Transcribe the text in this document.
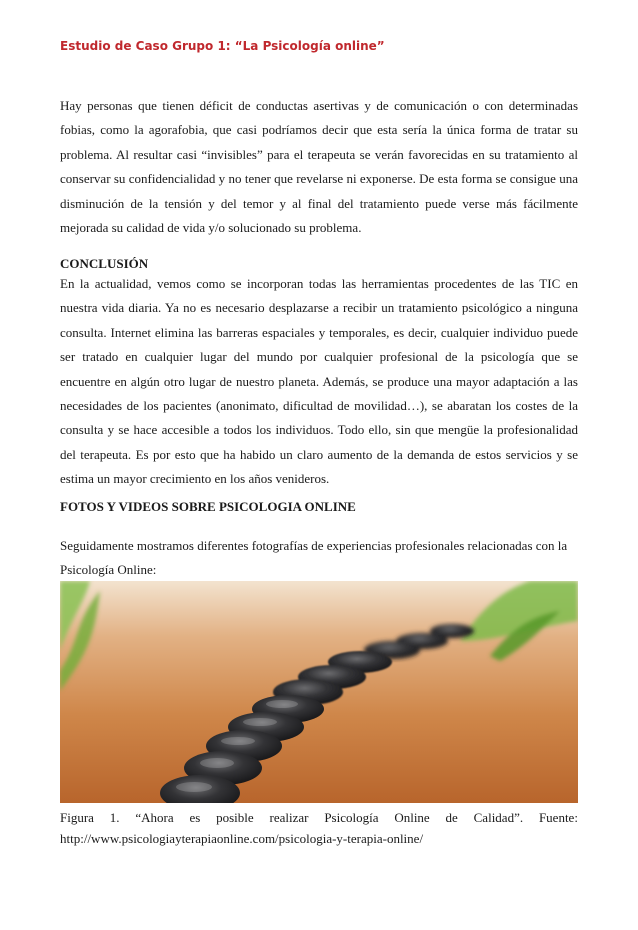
Estudio de Caso Grupo 1: “La Psicología online”

Hay personas que tienen déficit de conductas asertivas y de comunicación o con determinadas fobias, como la agorafobia, que casi podríamos decir que esta sería la única forma de tratar su problema. Al resultar casi “invisibles” para el terapeuta se verán favorecidas en su tratamiento al conservar su confidencialidad y no tener que revelarse ni exponerse. De esta forma se consigue una disminución de la tensión y del temor y al final del tratamiento puede verse más fácilmente mejorada su calidad de vida y/o solucionado su problema.

CONCLUSIÓN

En la actualidad, vemos como se incorporan todas las herramientas procedentes de las TIC en nuestra vida diaria. Ya no es necesario desplazarse a recibir un tratamiento psicológico a ninguna consulta. Internet elimina las barreras espaciales y temporales, es decir, cualquier individuo puede ser tratado en cualquier lugar del mundo por cualquier profesional de la psicología que se encuentre en algún otro lugar de nuestro planeta. Además, se produce una mayor adaptación a las necesidades de los pacientes (anonimato, dificultad de movilidad…), se abaratan los costes de la consulta y se hace accesible a todos los individuos. Todo ello, sin que mengüe la profesionalidad del terapeuta. Es por esto que ha habido un claro aumento de la demanda de estos servicios y se estima un mayor crecimiento en los años venideros.

FOTOS Y VIDEOS SOBRE PSICOLOGIA ONLINE

Seguidamente mostramos diferentes fotografías de experiencias profesionales relacionadas con la Psicología Online:

Figura 1. “Ahora es posible realizar Psicología Online de Calidad”. Fuente:
http://www.psicologiayterapiaonline.com/psicologia-y-terapia-online/
